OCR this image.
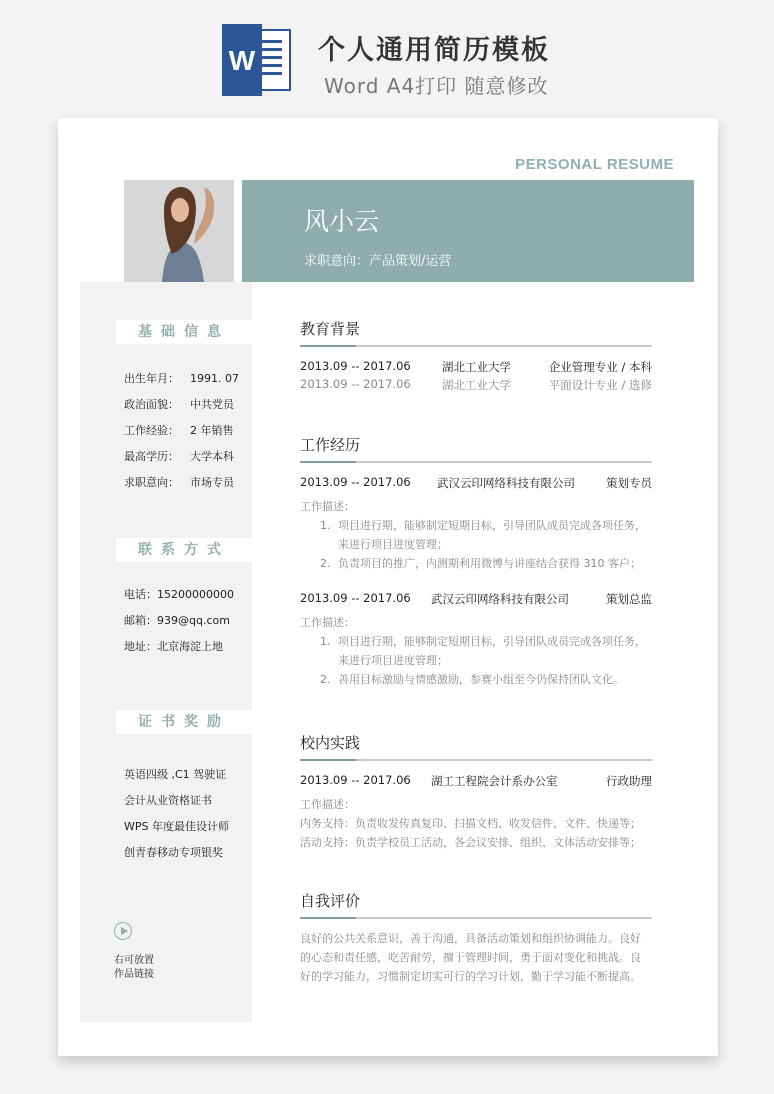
W 个人通用简历模板
Word A4打印 随意修改
PERSONAL RESUME
风小云
求职意向：产品策划/运营
基础信息
出生年月： 1991. 07
政治面貌： 中共党员
工作经验： 2 年销售
最高学历： 大学本科
求职意向： 市场专员
联系方式
电话：15200000000
邮箱：939@qq.com
地址：北京海淀上地
证书奖励
英语四级 ,C1 驾驶证
会计从业资格证书
WPS 年度最佳设计师
创青春移动专项银奖
右可放置
作品链接
教育背景
2013.09 -- 2017.06	湖北工业大学	企业管理专业 / 本科
2013.09 -- 2017.06	湖北工业大学	平面设计专业 / 选修
工作经历
2013.09 -- 2017.06 武汉云印网络科技有限公司	策划专员
工作描述：
1. 项目进行期，能够制定短期目标，引导团队成员完成各项任务，
来进行项目进度管理；
2. 负责项目的推广，内测期利用微博与讲座结合获得 310 客户；
2013.09 -- 2017.06 武汉云印网络科技有限公司	策划总监
工作描述：
1. 项目进行期，能够制定短期目标，引导团队成员完成各项任务，
来进行项目进度管理；
2. 善用目标激励与情感激励，参赛小组至今仍保持团队文化。
校内实践
2013.09 -- 2017.06 湖工工程院会计系办公室	行政助理
工作描述：
内务支持：负责收发传真复印、扫描文档、收发信件、文件、快递等；
活动支持：负责学校员工活动，各会议安排、组织、文体活动安排等；
自我评价
良好的公共关系意识，善于沟通，具备活动策划和组织协调能力。良好
的心态和责任感，吃苦耐劳，擅于管理时间，勇于面对变化和挑战。良
好的学习能力，习惯制定切实可行的学习计划，勤于学习能不断提高。
